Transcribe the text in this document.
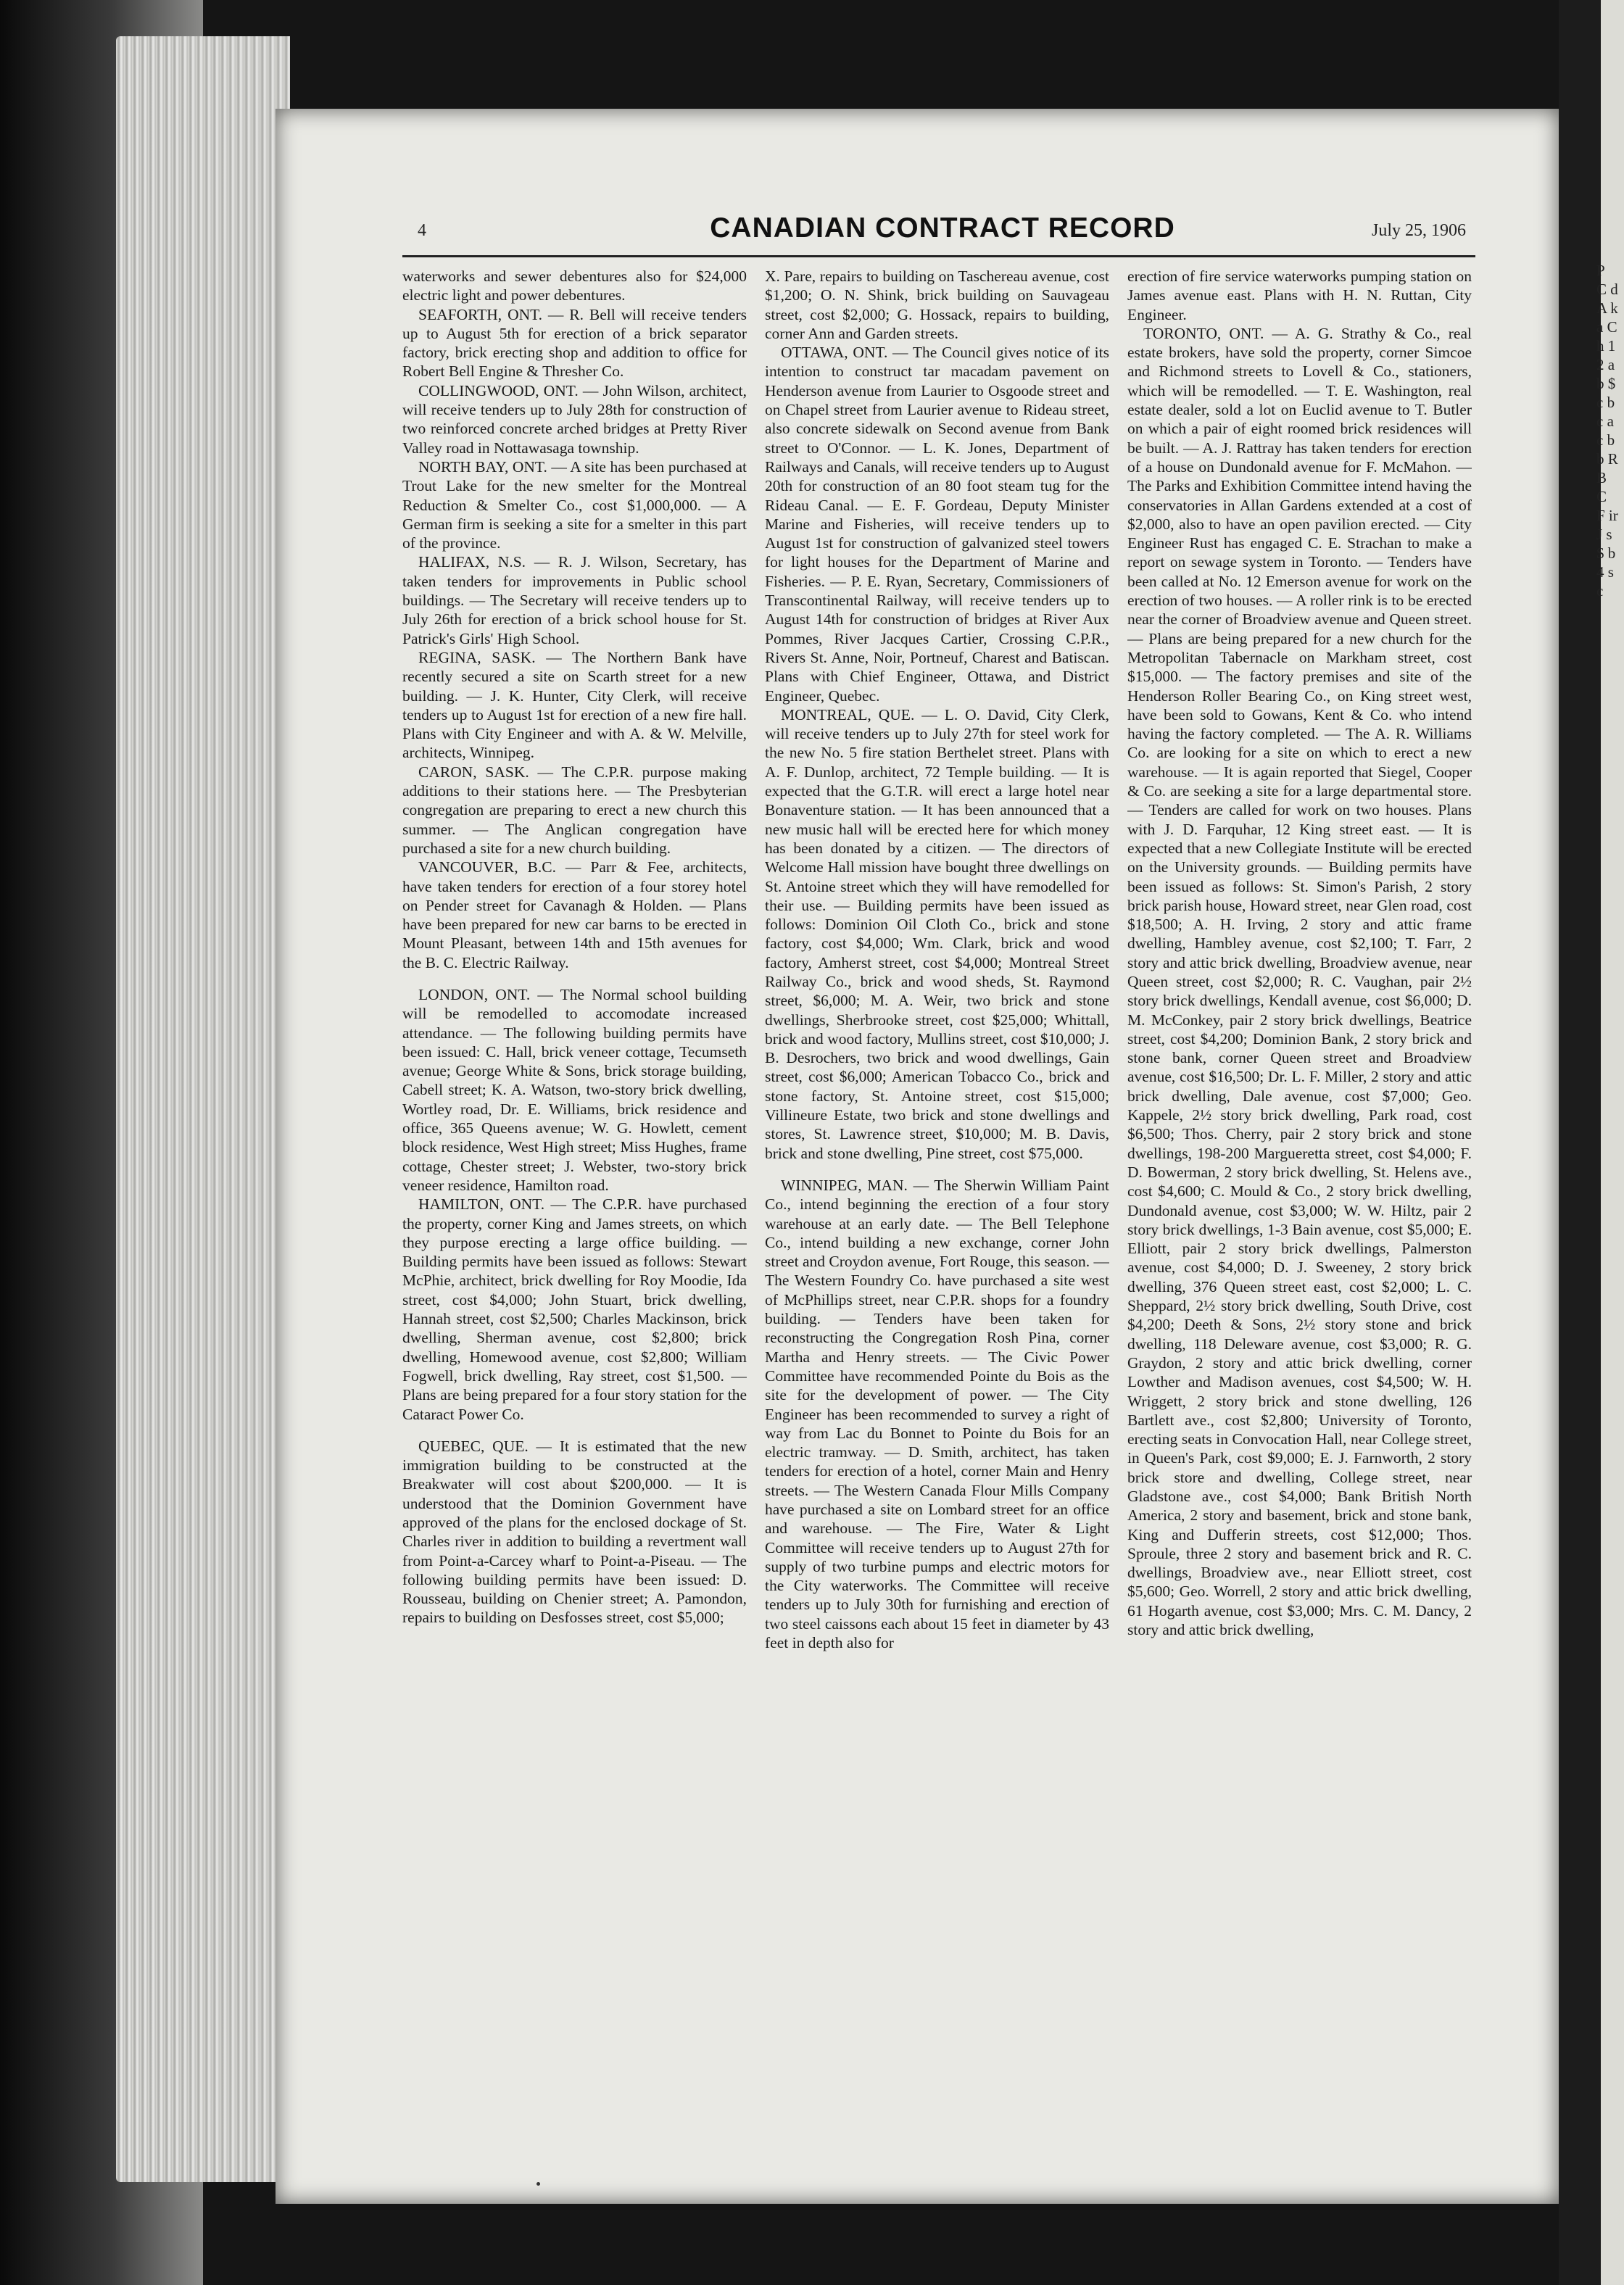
P C d A k a C h 1 2 a b $ c b c a c b b R B C F ir J s $ b 4 s c
4	CANADIAN CONTRACT RECORD	July 25, 1906

waterworks and sewer debentures also for $24,000 electric light and power debentures.

SEAFORTH, ONT. — R. Bell will receive tenders up to August 5th for erection of a brick separator factory, brick erecting shop and addition to office for Robert Bell Engine & Thresher Co.

COLLINGWOOD, ONT. — John Wilson, architect, will receive tenders up to July 28th for construction of two reinforced concrete arched bridges at Pretty River Valley road in Nottawasaga township.

NORTH BAY, ONT. — A site has been purchased at Trout Lake for the new smelter for the Montreal Reduction & Smelter Co., cost $1,000,000. — A German firm is seeking a site for a smelter in this part of the province.

HALIFAX, N.S. — R. J. Wilson, Secretary, has taken tenders for improvements in Public school buildings. — The Secretary will receive tenders up to July 26th for erection of a brick school house for St. Patrick's Girls' High School.

REGINA, SASK. — The Northern Bank have recently secured a site on Scarth street for a new building. — J. K. Hunter, City Clerk, will receive tenders up to August 1st for erection of a new fire hall. Plans with City Engineer and with A. & W. Melville, architects, Winnipeg.

CARON, SASK. — The C.P.R. purpose making additions to their stations here. — The Presbyterian congregation are preparing to erect a new church this summer. — The Anglican congregation have purchased a site for a new church building.

VANCOUVER, B.C. — Parr & Fee, architects, have taken tenders for erection of a four storey hotel on Pender street for Cavanagh & Holden. — Plans have been prepared for new car barns to be erected in Mount Pleasant, between 14th and 15th avenues for the B. C. Electric Railway.

LONDON, ONT. — The Normal school building will be remodelled to accomodate increased attendance. — The following building permits have been issued: C. Hall, brick veneer cottage, Tecumseth avenue; George White & Sons, brick storage building, Cabell street; K. A. Watson, two-story brick dwelling, Wortley road, Dr. E. Williams, brick residence and office, 365 Queens avenue; W. G. Howlett, cement block residence, West High street; Miss Hughes, frame cottage, Chester street; J. Webster, two-story brick veneer residence, Hamilton road.

HAMILTON, ONT. — The C.P.R. have purchased the property, corner King and James streets, on which they purpose erecting a large office building. — Building permits have been issued as follows: Stewart McPhie, architect, brick dwelling for Roy Moodie, Ida street, cost $4,000; John Stuart, brick dwelling, Hannah street, cost $2,500; Charles Mackinson, brick dwelling, Sherman avenue, cost $2,800; brick dwelling, Homewood avenue, cost $2,800; William Fogwell, brick dwelling, Ray street, cost $1,500. — Plans are being prepared for a four story station for the Cataract Power Co.

QUEBEC, QUE. — It is estimated that the new immigration building to be constructed at the Breakwater will cost about $200,000. — It is understood that the Dominion Government have approved of the plans for the enclosed dockage of St. Charles river in addition to building a revertment wall from Point-a-Carcey wharf to Point-a-Piseau. — The following building permits have been issued: D. Rousseau, building on Chenier street; A. Pamondon, repairs to building on Desfosses street, cost $5,000;

X. Pare, repairs to building on Taschereau avenue, cost $1,200; O. N. Shink, brick building on Sauvageau street, cost $2,000; G. Hossack, repairs to building, corner Ann and Garden streets.

OTTAWA, ONT. — The Council gives notice of its intention to construct tar macadam pavement on Henderson avenue from Laurier to Osgoode street and on Chapel street from Laurier avenue to Rideau street, also concrete sidewalk on Second avenue from Bank street to O'Connor. — L. K. Jones, Department of Railways and Canals, will receive tenders up to August 20th for construction of an 80 foot steam tug for the Rideau Canal. — E. F. Gordeau, Deputy Minister Marine and Fisheries, will receive tenders up to August 1st for construction of galvanized steel towers for light houses for the Department of Marine and Fisheries. — P. E. Ryan, Secretary, Commissioners of Transcontinental Railway, will receive tenders up to August 14th for construction of bridges at River Aux Pommes, River Jacques Cartier, Crossing C.P.R., Rivers St. Anne, Noir, Portneuf, Charest and Batiscan. Plans with Chief Engineer, Ottawa, and District Engineer, Quebec.

MONTREAL, QUE. — L. O. David, City Clerk, will receive tenders up to July 27th for steel work for the new No. 5 fire station Berthelet street. Plans with A. F. Dunlop, architect, 72 Temple building. — It is expected that the G.T.R. will erect a large hotel near Bonaventure station. — It has been announced that a new music hall will be erected here for which money has been donated by a citizen. — The directors of Welcome Hall mission have bought three dwellings on St. Antoine street which they will have remodelled for their use. — Building permits have been issued as follows: Dominion Oil Cloth Co., brick and stone factory, cost $4,000; Wm. Clark, brick and wood factory, Amherst street, cost $4,000; Montreal Street Railway Co., brick and wood sheds, St. Raymond street, $6,000; M. A. Weir, two brick and stone dwellings, Sherbrooke street, cost $25,000; Whittall, brick and wood factory, Mullins street, cost $10,000; J. B. Desrochers, two brick and wood dwellings, Gain street, cost $6,000; American Tobacco Co., brick and stone factory, St. Antoine street, cost $15,000; Villineure Estate, two brick and stone dwellings and stores, St. Lawrence street, $10,000; M. B. Davis, brick and stone dwelling, Pine street, cost $75,000.

WINNIPEG, MAN. — The Sherwin William Paint Co., intend beginning the erection of a four story warehouse at an early date. — The Bell Telephone Co., intend building a new exchange, corner John street and Croydon avenue, Fort Rouge, this season. — The Western Foundry Co. have purchased a site west of McPhillips street, near C.P.R. shops for a foundry building. — Tenders have been taken for reconstructing the Congregation Rosh Pina, corner Martha and Henry streets. — The Civic Power Committee have recommended Pointe du Bois as the site for the development of power. — The City Engineer has been recommended to survey a right of way from Lac du Bonnet to Pointe du Bois for an electric tramway. — D. Smith, architect, has taken tenders for erection of a hotel, corner Main and Henry streets. — The Western Canada Flour Mills Company have purchased a site on Lombard street for an office and warehouse. — The Fire, Water & Light Committee will receive tenders up to August 27th for supply of two turbine pumps and electric motors for the City waterworks. The Committee will receive tenders up to July 30th for furnishing and erection of two steel caissons each about 15 feet in diameter by 43 feet in depth also for

erection of fire service waterworks pumping station on James avenue east. Plans with H. N. Ruttan, City Engineer.

TORONTO, ONT. — A. G. Strathy & Co., real estate brokers, have sold the property, corner Simcoe and Richmond streets to Lovell & Co., stationers, which will be remodelled. — T. E. Washington, real estate dealer, sold a lot on Euclid avenue to T. Butler on which a pair of eight roomed brick residences will be built. — A. J. Rattray has taken tenders for erection of a house on Dundonald avenue for F. McMahon. — The Parks and Exhibition Committee intend having the conservatories in Allan Gardens extended at a cost of $2,000, also to have an open pavilion erected. — City Engineer Rust has engaged C. E. Strachan to make a report on sewage system in Toronto. — Tenders have been called at No. 12 Emerson avenue for work on the erection of two houses. — A roller rink is to be erected near the corner of Broadview avenue and Queen street. — Plans are being prepared for a new church for the Metropolitan Tabernacle on Markham street, cost $15,000. — The factory premises and site of the Henderson Roller Bearing Co., on King street west, have been sold to Gowans, Kent & Co. who intend having the factory completed. — The A. R. Williams Co. are looking for a site on which to erect a new warehouse. — It is again reported that Siegel, Cooper & Co. are seeking a site for a large departmental store. — Tenders are called for work on two houses. Plans with J. D. Farquhar, 12 King street east. — It is expected that a new Collegiate Institute will be erected on the University grounds. — Building permits have been issued as follows: St. Simon's Parish, 2 story brick parish house, Howard street, near Glen road, cost $18,500; A. H. Irving, 2 story and attic frame dwelling, Hambley avenue, cost $2,100; T. Farr, 2 story and attic brick dwelling, Broadview avenue, near Queen street, cost $2,000; R. C. Vaughan, pair 2½ story brick dwellings, Kendall avenue, cost $6,000; D. M. McConkey, pair 2 story brick dwellings, Beatrice street, cost $4,200; Dominion Bank, 2 story brick and stone bank, corner Queen street and Broadview avenue, cost $16,500; Dr. L. F. Miller, 2 story and attic brick dwelling, Dale avenue, cost $7,000; Geo. Kappele, 2½ story brick dwelling, Park road, cost $6,500; Thos. Cherry, pair 2 story brick and stone dwellings, 198-200 Margueretta street, cost $4,000; F. D. Bowerman, 2 story brick dwelling, St. Helens ave., cost $4,600; C. Mould & Co., 2 story brick dwelling, Dundonald avenue, cost $3,000; W. W. Hiltz, pair 2 story brick dwellings, 1-3 Bain avenue, cost $5,000; E. Elliott, pair 2 story brick dwellings, Palmerston avenue, cost $4,000; D. J. Sweeney, 2 story brick dwelling, 376 Queen street east, cost $2,000; L. C. Sheppard, 2½ story brick dwelling, South Drive, cost $4,200; Deeth & Sons, 2½ story stone and brick dwelling, 118 Deleware avenue, cost $3,000; R. G. Graydon, 2 story and attic brick dwelling, corner Lowther and Madison avenues, cost $4,500; W. H. Wriggett, 2 story brick and stone dwelling, 126 Bartlett ave., cost $2,800; University of Toronto, erecting seats in Convocation Hall, near College street, in Queen's Park, cost $9,000; E. J. Farnworth, 2 story brick store and dwelling, College street, near Gladstone ave., cost $4,000; Bank British North America, 2 story and basement, brick and stone bank, King and Dufferin streets, cost $12,000; Thos. Sproule, three 2 story and basement brick and R. C. dwellings, Broadview ave., near Elliott street, cost $5,600; Geo. Worrell, 2 story and attic brick dwelling, 61 Hogarth avenue, cost $3,000; Mrs. C. M. Dancy, 2 story and attic brick dwelling,
